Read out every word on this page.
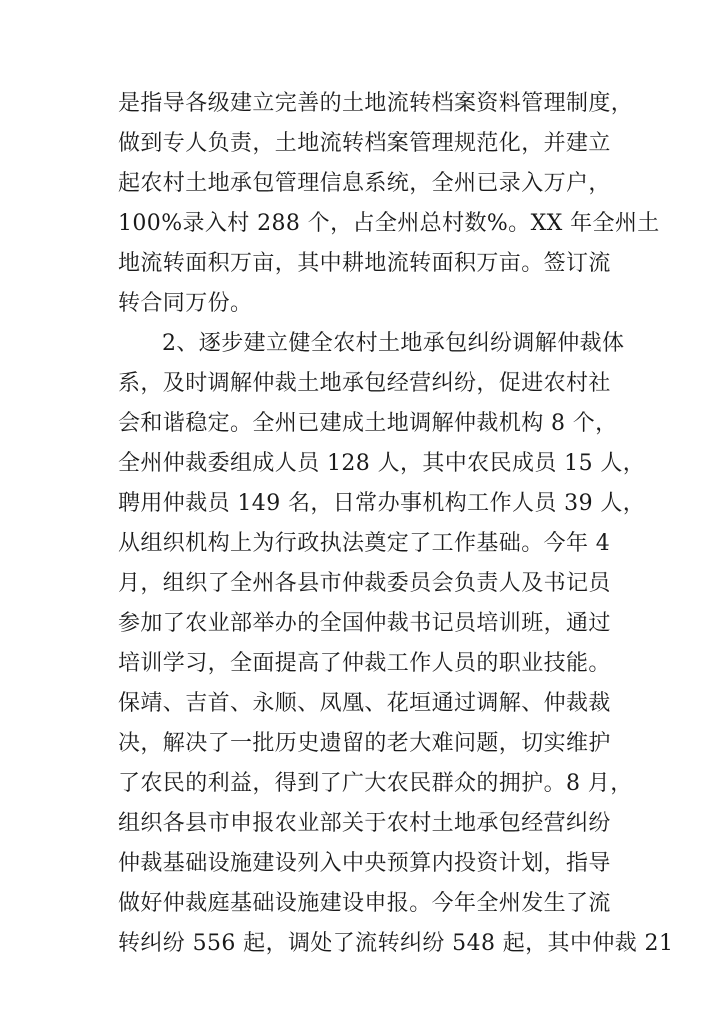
是指导各级建立完善的土地流转档案资料管理制度，
做到专人负责，土地流转档案管理规范化，并建立
起农村土地承包管理信息系统，全州已录入万户，
100%录入村 288 个，占全州总村数%。XX 年全州土
地流转面积万亩，其中耕地流转面积万亩。签订流
转合同万份。
2、逐步建立健全农村土地承包纠纷调解仲裁体
系，及时调解仲裁土地承包经营纠纷，促进农村社
会和谐稳定。全州已建成土地调解仲裁机构 8 个，
全州仲裁委组成人员 128 人，其中农民成员 15 人，
聘用仲裁员 149 名，日常办事机构工作人员 39 人，
从组织机构上为行政执法奠定了工作基础。今年 4
月，组织了全州各县市仲裁委员会负责人及书记员
参加了农业部举办的全国仲裁书记员培训班，通过
培训学习，全面提高了仲裁工作人员的职业技能。
保靖、吉首、永顺、凤凰、花垣通过调解、仲裁裁
决，解决了一批历史遗留的老大难问题，切实维护
了农民的利益，得到了广大农民群众的拥护。8 月，
组织各县市申报农业部关于农村土地承包经营纠纷
仲裁基础设施建设列入中央预算内投资计划，指导
做好仲裁庭基础设施建设申报。今年全州发生了流
转纠纷 556 起，调处了流转纠纷 548 起，其中仲裁 21
